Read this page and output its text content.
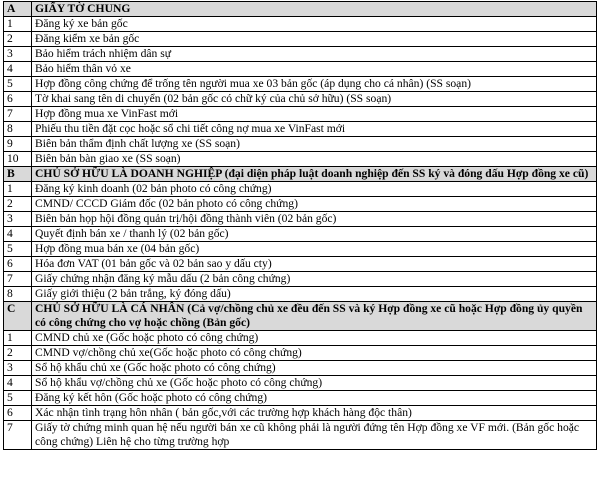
A	GIẤY TỜ CHUNG
1	Đăng ký xe bản gốc
2	Đăng kiểm xe bản gốc
3	Bảo hiểm trách nhiệm dân sự
4	Bảo hiểm thân vỏ xe
5	Hợp đồng công chứng để trống tên người mua xe 03 bản gốc (áp dụng cho cá nhân) (SS soạn)
6	Tờ khai sang tên di chuyển (02 bản gốc có chữ ký của chủ sở hữu) (SS soạn)
7	Hợp đồng mua xe VinFast mới
8	Phiếu thu tiền đặt cọc hoặc sổ chi tiết công nợ mua xe VinFast mới
9	Biên bản thẩm định chất lượng xe (SS soạn)
10	Biên bản bàn giao xe (SS soạn)
B	CHỦ SỞ HỮU LÀ DOANH NGHIỆP (đại diện pháp luật doanh nghiệp đến SS ký và đóng dấu Hợp đồng xe cũ)
1	Đăng ký kinh doanh (02 bản photo có công chứng)
2	CMND/ CCCD Giám đốc (02 bản photo có công chứng)
3	Biên bản họp hội đồng quản trị/hội đồng thành viên (02 bản gốc)
4	Quyết định bán xe / thanh lý (02 bản gốc)
5	Hợp đồng mua bán xe (04 bản gốc)
6	Hóa đơn VAT (01 bản gốc và 02 bản sao y dấu cty)
7	Giấy chứng nhận đăng ký mẫu dấu (2 bản công chứng)
8	Giấy giới thiệu (2 bản trắng, ký đóng dấu)
C	CHỦ SỞ HỮU LÀ CÁ NHÂN (Cả vợ/chồng chủ xe đều đến SS và ký Hợp đồng xe cũ hoặc Hợp đồng ủy quyền có công chứng cho vợ hoặc chồng (Bản gốc)
1	CMND chủ xe (Gốc hoặc photo có công chứng)
2	CMND vợ/chồng chủ xe(Gốc hoặc photo có công chứng)
3	Sổ hộ khẩu chủ xe (Gốc hoặc photo có công chứng)
4	Sổ hộ khẩu vợ/chồng chủ xe (Gốc hoặc photo có công chứng)
5	Đăng ký kết hôn (Gốc hoặc photo có công chứng)
6	Xác nhận tình trạng hôn nhân ( bản gốc,với các trường hợp khách hàng độc thân)
7	Giấy tờ chứng minh quan hệ nếu người bán xe cũ không phải là người đứng tên Hợp đồng xe VF mới. (Bản gốc hoặc công chứng) Liên hệ cho từng trường hợp
